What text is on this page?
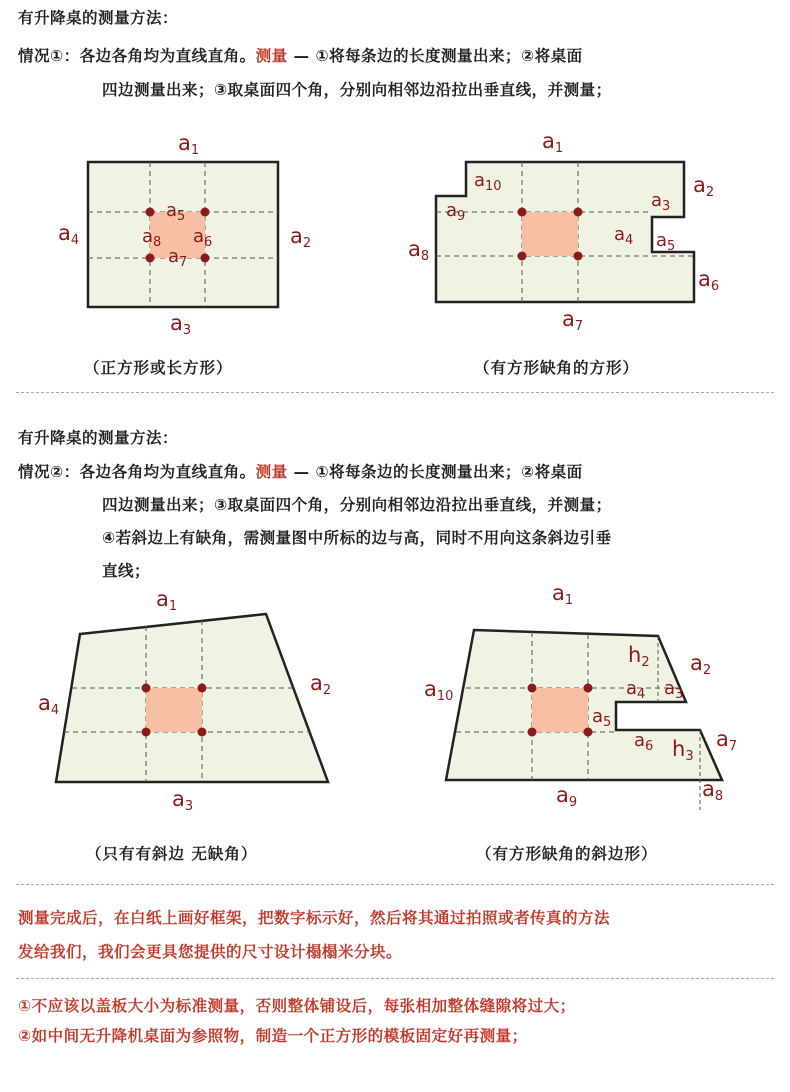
有升降桌的测量方法：
情况①：各边各角均为直线直角。测量 — ①将每条边的长度测量出来；②将桌面
四边测量出来；③取桌面四个角，分别向相邻边沿拉出垂直线，并测量；
a1
a2
a3
a4
$a_5$
$a_6$
$a_7$
$a_8$
a1
a2
$a_3$
$a_4$ $a_5$
a6
a7
a8
$a_9$
$a_{10}$
（正方形或长方形）	（有方形缺角的方形）
有升降桌的测量方法：
情况②：各边各角均为直线直角。测量 — ①将每条边的长度测量出来；②将桌面
四边测量出来；③取桌面四个角，分别向相邻边沿拉出垂直线，并测量；
④若斜边上有缺角，需测量图中所标的边与高，同时不用向这条斜边引垂
直线；
a1
a2
a3
a4
a1
a2
$a_3$
$a_4$
$a_5$
$a_6$	a7
a8
a9
a10
h2
h3
（只有有斜边 无缺角）	（有方形缺角的斜边形）
测量完成后，在白纸上画好框架，把数字标示好，然后将其通过拍照或者传真的方法
发给我们，我们会更具您提供的尺寸设计榻榻米分块。
①不应该以盖板大小为标准测量，否则整体铺设后，每张相加整体缝隙将过大；
②如中间无升降机桌面为参照物，制造一个正方形的模板固定好再测量；
